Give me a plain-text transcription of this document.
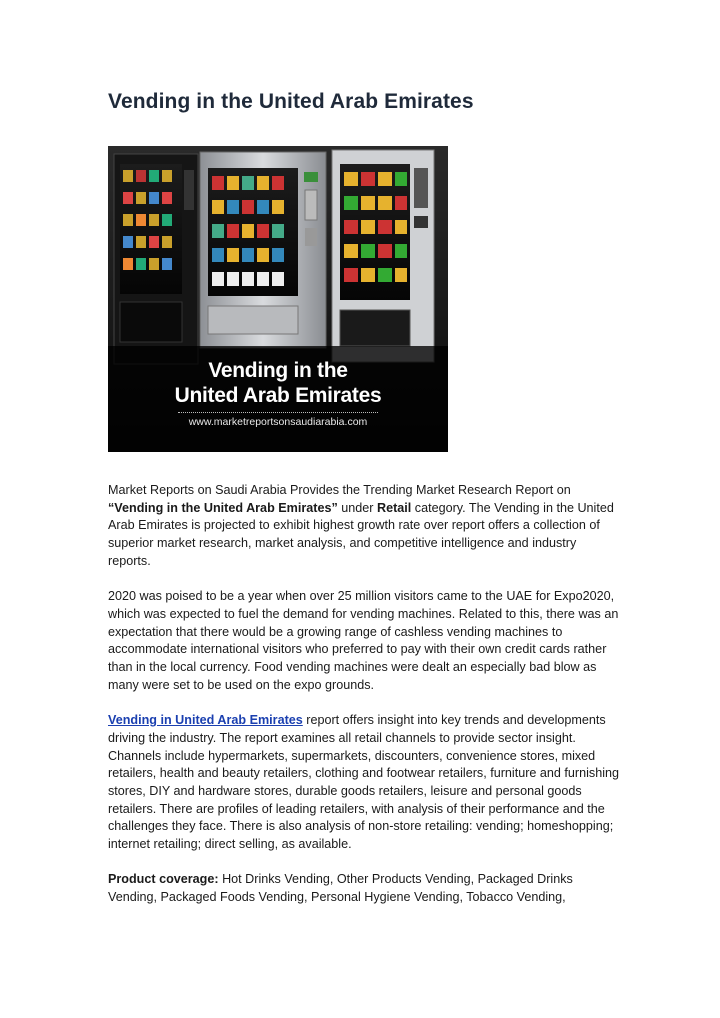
Vending in the United Arab Emirates
Vending in the
United Arab Emirates
www.marketreportsonsaudiarabia.com

Market Reports on Saudi Arabia Provides the Trending Market Research Report on
“Vending in the United Arab Emirates” under Retail category. The Vending in the United Arab Emirates is projected to exhibit highest growth rate over report offers a collection of superior market research, market analysis, and competitive intelligence and industry reports.

2020 was poised to be a year when over 25 million visitors came to the UAE for Expo2020, which was expected to fuel the demand for vending machines. Related to this, there was an expectation that there would be a growing range of cashless vending machines to accommodate international visitors who preferred to pay with their own credit cards rather than in the local currency. Food vending machines were dealt an especially bad blow as many were set to be used on the expo grounds.

Vending in United Arab Emirates report offers insight into key trends and developments driving the industry. The report examines all retail channels to provide sector insight. Channels include hypermarkets, supermarkets, discounters, convenience stores, mixed retailers, health and beauty retailers, clothing and footwear retailers, furniture and furnishing stores, DIY and hardware stores, durable goods retailers, leisure and personal goods retailers. There are profiles of leading retailers, with analysis of their performance and the challenges they face. There is also analysis of non-store retailing: vending; homeshopping; internet retailing; direct selling, as available.

Product coverage: Hot Drinks Vending, Other Products Vending, Packaged Drinks Vending, Packaged Foods Vending, Personal Hygiene Vending, Tobacco Vending,
